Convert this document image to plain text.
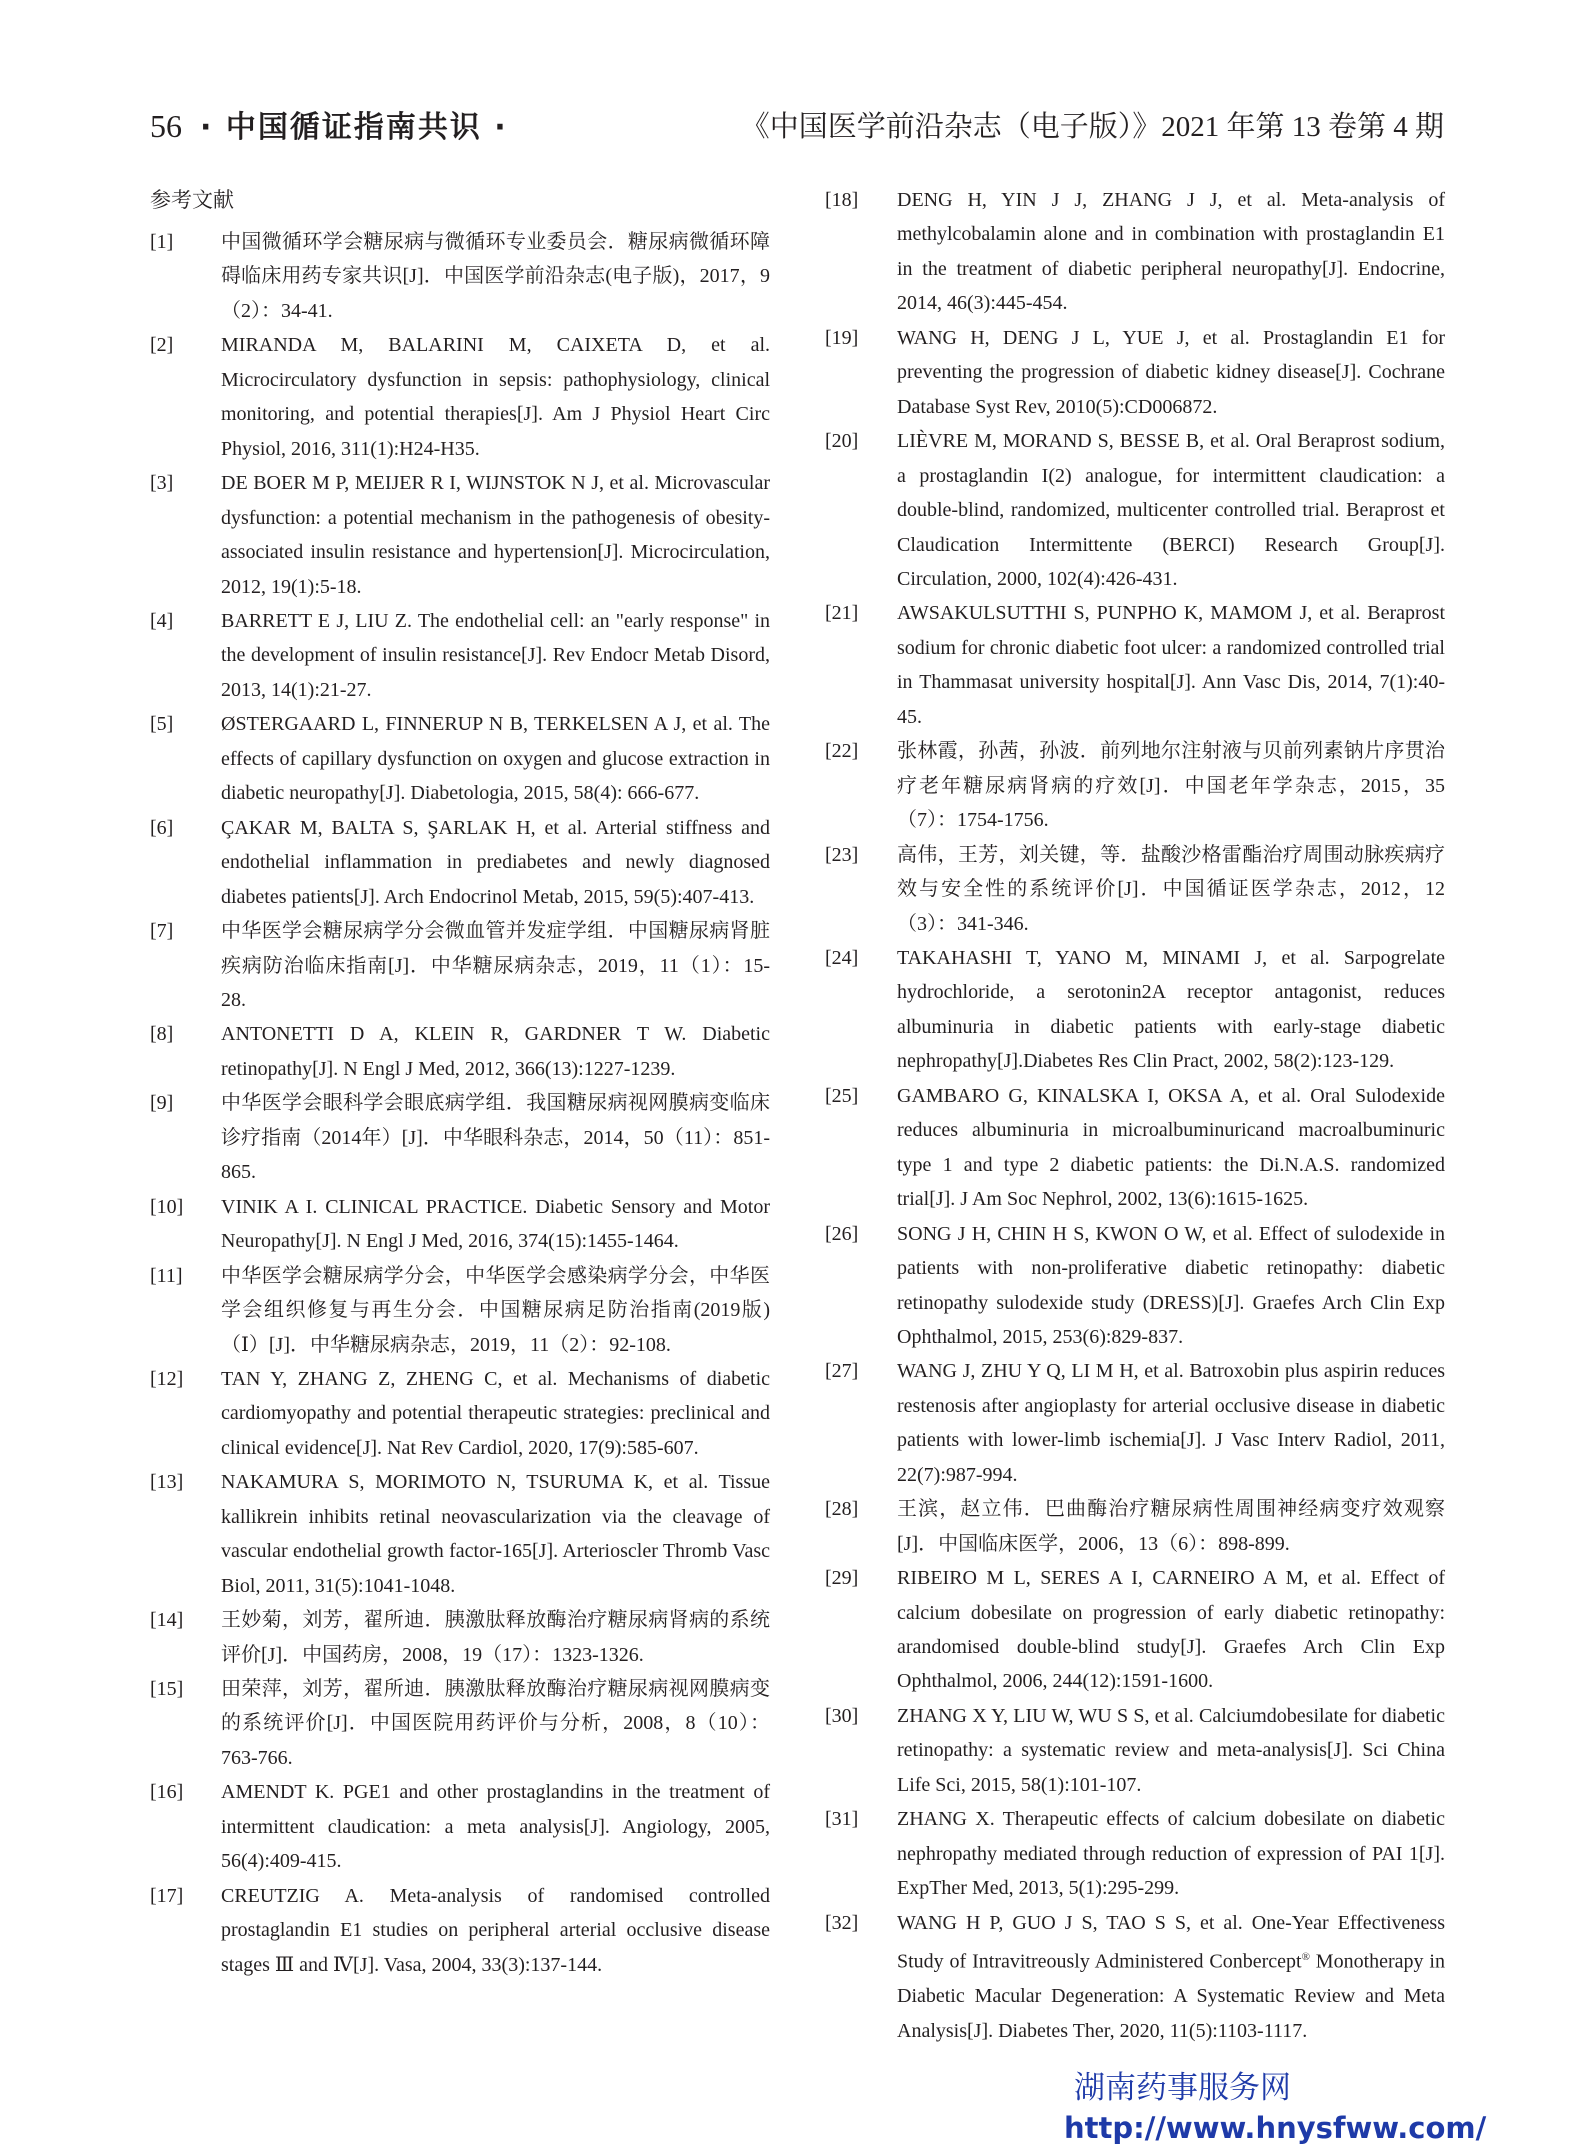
56 · 中国循证指南共识 ·	《中国医学前沿杂志（电子版）》2021 年第 13 卷第 4 期
参考文献
[1]	中国微循环学会糖尿病与微循环专业委员会．糖尿病微循环障碍临床用药专家共识[J]．中国医学前沿杂志(电子版)，2017，9（2）：34-41.
[2]	MIRANDA M, BALARINI M, CAIXETA D, et al. Microcirculatory dysfunction in sepsis: pathophysiology, clinical monitoring, and potential therapies[J]. Am J Physiol Heart Circ Physiol, 2016, 311(1):H24-H35.
[3]	DE BOER M P, MEIJER R I, WIJNSTOK N J, et al. Microvascular dysfunction: a potential mechanism in the pathogenesis of obesity-associated insulin resistance and hypertension[J]. Microcirculation, 2012, 19(1):5-18.
[4]	BARRETT E J, LIU Z. The endothelial cell: an "early response" in the development of insulin resistance[J]. Rev Endocr Metab Disord, 2013, 14(1):21-27.
[5]	ØSTERGAARD L, FINNERUP N B, TERKELSEN A J, et al. The effects of capillary dysfunction on oxygen and glucose extraction in diabetic neuropathy[J]. Diabetologia, 2015, 58(4): 666-677.
[6]	ÇAKAR M, BALTA S, ŞARLAK H, et al. Arterial stiffness and endothelial inflammation in prediabetes and newly diagnosed diabetes patients[J]. Arch Endocrinol Metab, 2015, 59(5):407-413.
[7]	中华医学会糖尿病学分会微血管并发症学组．中国糖尿病肾脏疾病防治临床指南[J]．中华糖尿病杂志，2019，11（1）：15-28.
[8]	ANTONETTI D A, KLEIN R, GARDNER T W. Diabetic retinopathy[J]. N Engl J Med, 2012, 366(13):1227-1239.
[9]	中华医学会眼科学会眼底病学组．我国糖尿病视网膜病变临床诊疗指南（2014年）[J]．中华眼科杂志，2014，50（11）：851-865.
[10]	VINIK A I. CLINICAL PRACTICE. Diabetic Sensory and Motor Neuropathy[J]. N Engl J Med, 2016, 374(15):1455-1464.
[11]	中华医学会糖尿病学分会，中华医学会感染病学分会，中华医学会组织修复与再生分会．中国糖尿病足防治指南(2019版)（Ⅰ）[J]．中华糖尿病杂志，2019，11（2）：92-108.
[12]	TAN Y, ZHANG Z, ZHENG C, et al. Mechanisms of diabetic cardiomyopathy and potential therapeutic strategies: preclinical and clinical evidence[J]. Nat Rev Cardiol, 2020, 17(9):585-607.
[13]	NAKAMURA S, MORIMOTO N, TSURUMA K, et al. Tissue kallikrein inhibits retinal neovascularization via the cleavage of vascular endothelial growth factor-165[J]. Arterioscler Thromb Vasc Biol, 2011, 31(5):1041-1048.
[14]	王妙菊，刘芳，翟所迪．胰激肽释放酶治疗糖尿病肾病的系统评价[J]．中国药房，2008，19（17）：1323-1326.
[15]	田荣萍，刘芳，翟所迪．胰激肽释放酶治疗糖尿病视网膜病变的系统评价[J]．中国医院用药评价与分析，2008，8（10）：763-766.
[16]	AMENDT K. PGE1 and other prostaglandins in the treatment of intermittent claudication: a meta analysis[J]. Angiology, 2005, 56(4):409-415.
[17]	CREUTZIG A. Meta-analysis of randomised controlled prostaglandin E1 studies on peripheral arterial occlusive disease stages Ⅲ and Ⅳ[J]. Vasa, 2004, 33(3):137-144.
[18]	DENG H, YIN J J, ZHANG J J, et al. Meta-analysis of methylcobalamin alone and in combination with prostaglandin E1 in the treatment of diabetic peripheral neuropathy[J]. Endocrine, 2014, 46(3):445-454.
[19]	WANG H, DENG J L, YUE J, et al. Prostaglandin E1 for preventing the progression of diabetic kidney disease[J]. Cochrane Database Syst Rev, 2010(5):CD006872.
[20]	LIÈVRE M, MORAND S, BESSE B, et al. Oral Beraprost sodium, a prostaglandin I(2) analogue, for intermittent claudication: a double-blind, randomized, multicenter controlled trial. Beraprost et Claudication Intermittente (BERCI) Research Group[J]. Circulation, 2000, 102(4):426-431.
[21]	AWSAKULSUTTHI S, PUNPHO K, MAMOM J, et al. Beraprost sodium for chronic diabetic foot ulcer: a randomized controlled trial in Thammasat university hospital[J]. Ann Vasc Dis, 2014, 7(1):40-45.
[22]	张林霞，孙茜，孙波．前列地尔注射液与贝前列素钠片序贯治疗老年糖尿病肾病的疗效[J]．中国老年学杂志，2015，35（7）：1754-1756.
[23]	高伟，王芳，刘关键，等．盐酸沙格雷酯治疗周围动脉疾病疗效与安全性的系统评价[J]．中国循证医学杂志，2012，12（3）：341-346.
[24]	TAKAHASHI T, YANO M, MINAMI J, et al. Sarpogrelate hydrochloride, a serotonin2A receptor antagonist, reduces albuminuria in diabetic patients with early-stage diabetic nephropathy[J].Diabetes Res Clin Pract, 2002, 58(2):123-129.
[25]	GAMBARO G, KINALSKA I, OKSA A, et al. Oral Sulodexide reduces albuminuria in microalbuminuricand macroalbuminuric type 1 and type 2 diabetic patients: the Di.N.A.S. randomized trial[J]. J Am Soc Nephrol, 2002, 13(6):1615-1625.
[26]	SONG J H, CHIN H S, KWON O W, et al. Effect of sulodexide in patients with non-proliferative diabetic retinopathy: diabetic retinopathy sulodexide study (DRESS)[J]. Graefes Arch Clin Exp Ophthalmol, 2015, 253(6):829-837.
[27]	WANG J, ZHU Y Q, LI M H, et al. Batroxobin plus aspirin reduces restenosis after angioplasty for arterial occlusive disease in diabetic patients with lower-limb ischemia[J]. J Vasc Interv Radiol, 2011, 22(7):987-994.
[28]	王滨，赵立伟．巴曲酶治疗糖尿病性周围神经病变疗效观察[J]．中国临床医学，2006，13（6）：898-899.
[29]	RIBEIRO M L, SERES A I, CARNEIRO A M, et al. Effect of calcium dobesilate on progression of early diabetic retinopathy: arandomised double-blind study[J]. Graefes Arch Clin Exp Ophthalmol, 2006, 244(12):1591-1600.
[30]	ZHANG X Y, LIU W, WU S S, et al. Calciumdobesilate for diabetic retinopathy: a systematic review and meta-analysis[J]. Sci China Life Sci, 2015, 58(1):101-107.
[31]	ZHANG X. Therapeutic effects of calcium dobesilate on diabetic nephropathy mediated through reduction of expression of PAI 1[J]. ExpTher Med, 2013, 5(1):295-299.
[32]	WANG H P, GUO J S, TAO S S, et al. One-Year Effectiveness Study of Intravitreously Administered Conbercept® Monotherapy in Diabetic Macular Degeneration: A Systematic Review and Meta Analysis[J]. Diabetes Ther, 2020, 11(5):1103-1117.
湖南药事服务网
http://www.hnysfww.com/
